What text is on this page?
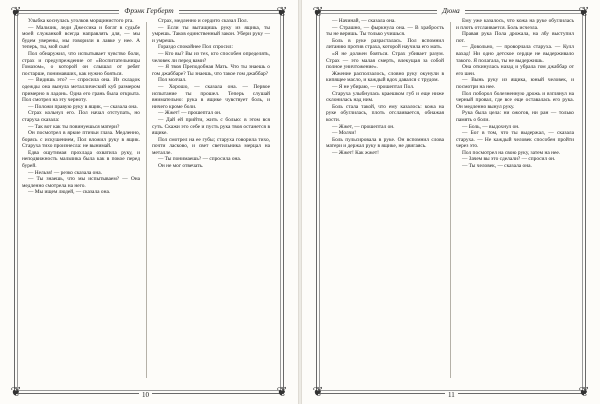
❦	❦
❦	❦
Фрэнк Герберт

Улыбка коснулась уголков морщинистого рта.

— Мальчик, леди Джессика и богат в судьбе моей служанкой всегда направлять для, — мы будем уверены, мы говорили в лавке у нее. А теперь, ты, мой сын!

Пол обнаружил, что испытывает чувство боли, страх и предупреждение от «Воспитательницы Гомазом», о которой он слышал от ребят постарше, понимавших, как нужно бояться.

— Видишь это? — спросила она. Из складок одежды она вынула металлический куб размером примерно в ладонь. Одна его грань была открыта. Пол смотрел на эту черноту.

— Положи правую руку в ящик, — сказала она.

Страх кольнул его. Пол начал отступать, но старуха сказала:

— Так вот как ты повинуешься матери?

Он посмотрел в яркие птичьи глаза. Медленно, борясь с искушением, Пол вложил руку в ящик. Старуха тихо произнесла: не вынимай.

Едва ощутимая прохлада охватила руку, и неподвижность мальчика была как в покое перед бурей.

— Нельзя! — резко сказала она.

— Ты знаешь, что мы испытываем? — Она медленно смотрела на него.

— Мы ищем людей, — сказала она.

Страх, медленно и сердито сказал Пол.

— Если ты вытащишь руку из ящика, ты умрешь. Таков единственный закон. Убери руку — и умрешь.

Гораздо спокойнее Пол спросил:

— Кто вы? Вы из тех, кто способен определять, человек ли перед вами?

— Я твоя Преподобная Мать. Что ты знаешь о гом джаббаре? Ты знаешь, что такое гом джаббар?

Пол молчал.

— Хорошо, — сказала она. — Первое испытание ты прошел. Теперь слушай внимательно: рука в ящике чувствует боль, и ничего кроме боли.

— Жжет! — прошептал он.

— Дай ей прийти, жить с болью: в этом вся суть. Скажи это себе и пусть рука твоя останется в ящике.

Пол смотрел на ее губы; старуха говорила тихо, почти ласково, и свет светильника мерцал на металле.

— Ты понимаешь? — спросила она.

Он не мог отвечать.

10
❦	❦
❦	❦
Дюна

— Начинай, — сказала она.

— Страшно, — фыркнула она. — В храбрость ты не веришь. Ты только учишься.

Боль в руке разрасталась. Пол вспомнил литанию против страха, которой научила его мать.

«Я не должен бояться. Страх убивает разум. Страх — это малая смерть, влекущая за собой полное уничтожение».

Жжение расползалось, словно руку окунули в кипящее масло, и каждый вдох давался с трудом.

— Я не убираю, — прошептал Пол.

Старуха улыбнулась краешком губ и еще ниже склонилась над ним.

Боль стала такой, что ему казалось: кожа на руке обуглилась, плоть отслаивается, обнажая кости.

— Жжет, — прошептал он.

— Молчи!

Боль пульсировала в руке. Он вспомнил слова матери и держал руку в ящике, не двигаясь.

— Жжет! Как жжет!

Ему уже казалось, что кожа на руке обуглилась и плоть отслаивается. Боль исчезла.

Правая рука Пола дрожала, на лбу выступил пот.

— Довольно, — проворчала старуха. — Кулл вахад! Ни одно детское сердце не выдерживало такого. Я полагала, ты не выдержишь.

Она откинулась назад и убрала гом джаббар от его шеи.

— Вынь руку из ящика, юный человек, и посмотри на нее.

Пол поборол болезненную дрожь и взглянул на черный провал, где все еще оставалась его рука. Он медленно вынул руку.

Рука была цела: ни ожогов, ни ран — только память о боли.

— Боль, — выдохнул он.

— Бог в том, что ты выдержал, — сказала старуха. — Не каждый человек способен пройти через это.

Пол посмотрел на свою руку, затем на нее.

— Зачем вы это сделали? — спросил он.

— Ты человек, — сказала она.

11
